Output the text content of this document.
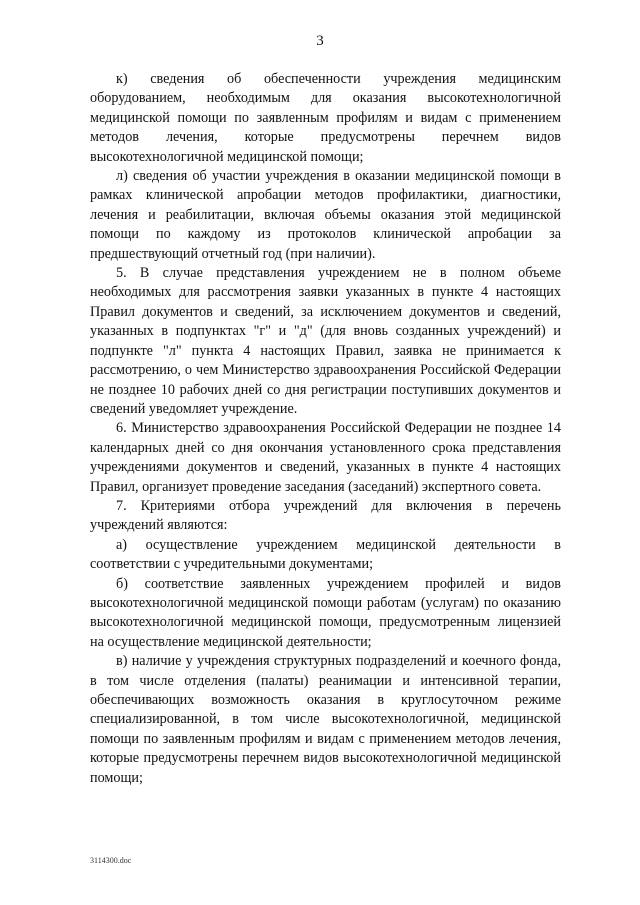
3

к) сведения об обеспеченности учреждения медицинским оборудованием, необходимым для оказания высокотехнологичной медицинской помощи по заявленным профилям и видам с применением методов лечения, которые предусмотрены перечнем видов высокотехнологичной медицинской помощи;

л) сведения об участии учреждения в оказании медицинской помощи в рамках клинической апробации методов профилактики, диагностики, лечения и реабилитации, включая объемы оказания этой медицинской помощи по каждому из протоколов клинической апробации за предшествующий отчетный год (при наличии).

5. В случае представления учреждением не в полном объеме необходимых для рассмотрения заявки указанных в пункте 4 настоящих Правил документов и сведений, за исключением документов и сведений, указанных в подпунктах "г" и "д" (для вновь созданных учреждений) и подпункте "л" пункта 4 настоящих Правил, заявка не принимается к рассмотрению, о чем Министерство здравоохранения Российской Федерации не позднее 10 рабочих дней со дня регистрации поступивших документов и сведений уведомляет учреждение.

6. Министерство здравоохранения Российской Федерации не позднее 14 календарных дней со дня окончания установленного срока представления учреждениями документов и сведений, указанных в пункте 4 настоящих Правил, организует проведение заседания (заседаний) экспертного совета.

7. Критериями отбора учреждений для включения в перечень учреждений являются:

а) осуществление учреждением медицинской деятельности в соответствии с учредительными документами;

б) соответствие заявленных учреждением профилей и видов высокотехнологичной медицинской помощи работам (услугам) по оказанию высокотехнологичной медицинской помощи, предусмотренным лицензией на осуществление медицинской деятельности;

в) наличие у учреждения структурных подразделений и коечного фонда, в том числе отделения (палаты) реанимации и интенсивной терапии, обеспечивающих возможность оказания в круглосуточном режиме специализированной, в том числе высокотехнологичной, медицинской помощи по заявленным профилям и видам с применением методов лечения, которые предусмотрены перечнем видов высокотехнологичной медицинской помощи;

3114300.doc
